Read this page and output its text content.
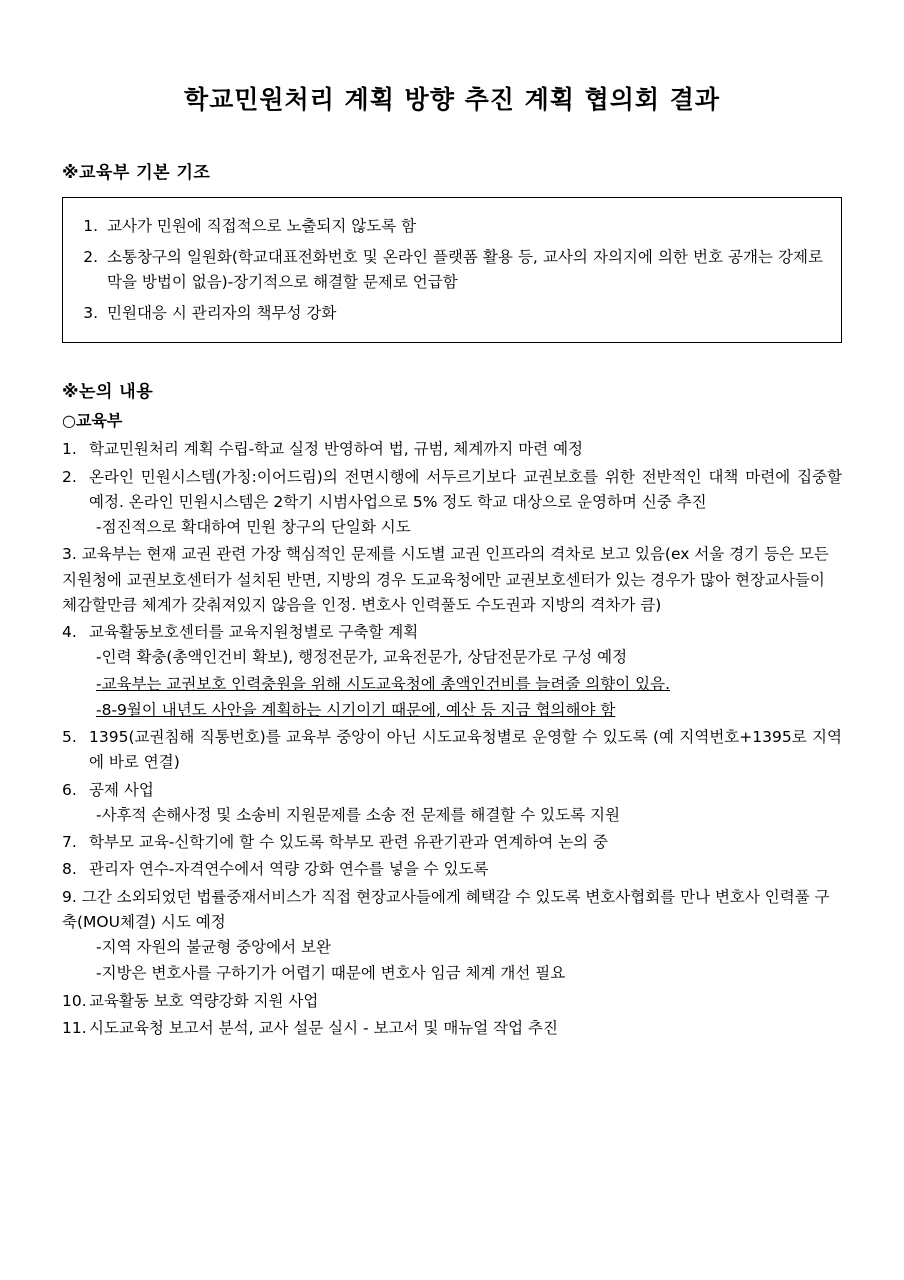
학교민원처리 계획 방향 추진 계획 협의회 결과
※교육부 기본 기조
1. 교사가 민원에 직접적으로 노출되지 않도록 함
2. 소통창구의 일원화(학교대표전화번호 및 온라인 플랫폼 활용 등, 교사의 자의지에 의한 번호 공개는 강제로 막을 방법이 없음)-장기적으로 해결할 문제로 언급함
3. 민원대응 시 관리자의 책무성 강화
※논의 내용
○교육부
1. 학교민원처리 계획 수립-학교 실정 반영하여 법, 규범, 체계까지 마련 예정
2. 온라인 민원시스템(가칭:이어드림)의 전면시행에 서두르기보다 교권보호를 위한 전반적인 대책 마련에 집중할 예정. 온라인 민원시스템은 2학기 시범사업으로 5% 정도 학교 대상으로 운영하며 신중 추진
-점진적으로 확대하여 민원 창구의 단일화 시도
3. 교육부는 현재 교권 관련 가장 핵심적인 문제를 시도별 교권 인프라의 격차로 보고 있음(ex 서울 경기 등은 모든 지원청에 교권보호센터가 설치된 반면, 지방의 경우 도교육청에만 교권보호센터가 있는 경우가 많아 현장교사들이 체감할만큼 체계가 갖춰져있지 않음을 인정. 변호사 인력풀도 수도권과 지방의 격차가 큼)
4. 교육활동보호센터를 교육지원청별로 구축할 계획
-인력 확충(총액인건비 확보), 행정전문가, 교육전문가, 상담전문가로 구성 예정
-교육부는 교권보호 인력충원을 위해 시도교육청에 총액인건비를 늘려줄 의향이 있음.
-8-9월이 내년도 사안을 계획하는 시기이기 때문에, 예산 등 지금 협의해야 함
5. 1395(교권침해 직통번호)를 교육부 중앙이 아닌 시도교육청별로 운영할 수 있도록 (예 지역번호+1395로 지역에 바로 연결)
6. 공제 사업
-사후적 손해사정 및 소송비 지원문제를 소송 전 문제를 해결할 수 있도록 지원
7. 학부모 교육-신학기에 할 수 있도록 학부모 관련 유관기관과 연계하여 논의 중
8. 관리자 연수-자격연수에서 역량 강화 연수를 넣을 수 있도록
9. 그간 소외되었던 법률중재서비스가 직접 현장교사들에게 혜택갈 수 있도록 변호사협회를 만나 변호사 인력풀 구축(MOU체결) 시도 예정
-지역 자원의 불균형 중앙에서 보완
-지방은 변호사를 구하기가 어렵기 때문에 변호사 임금 체계 개선 필요
10. 교육활동 보호 역량강화 지원 사업
11. 시도교육청 보고서 분석, 교사 설문 실시 - 보고서 및 매뉴얼 작업 추진
